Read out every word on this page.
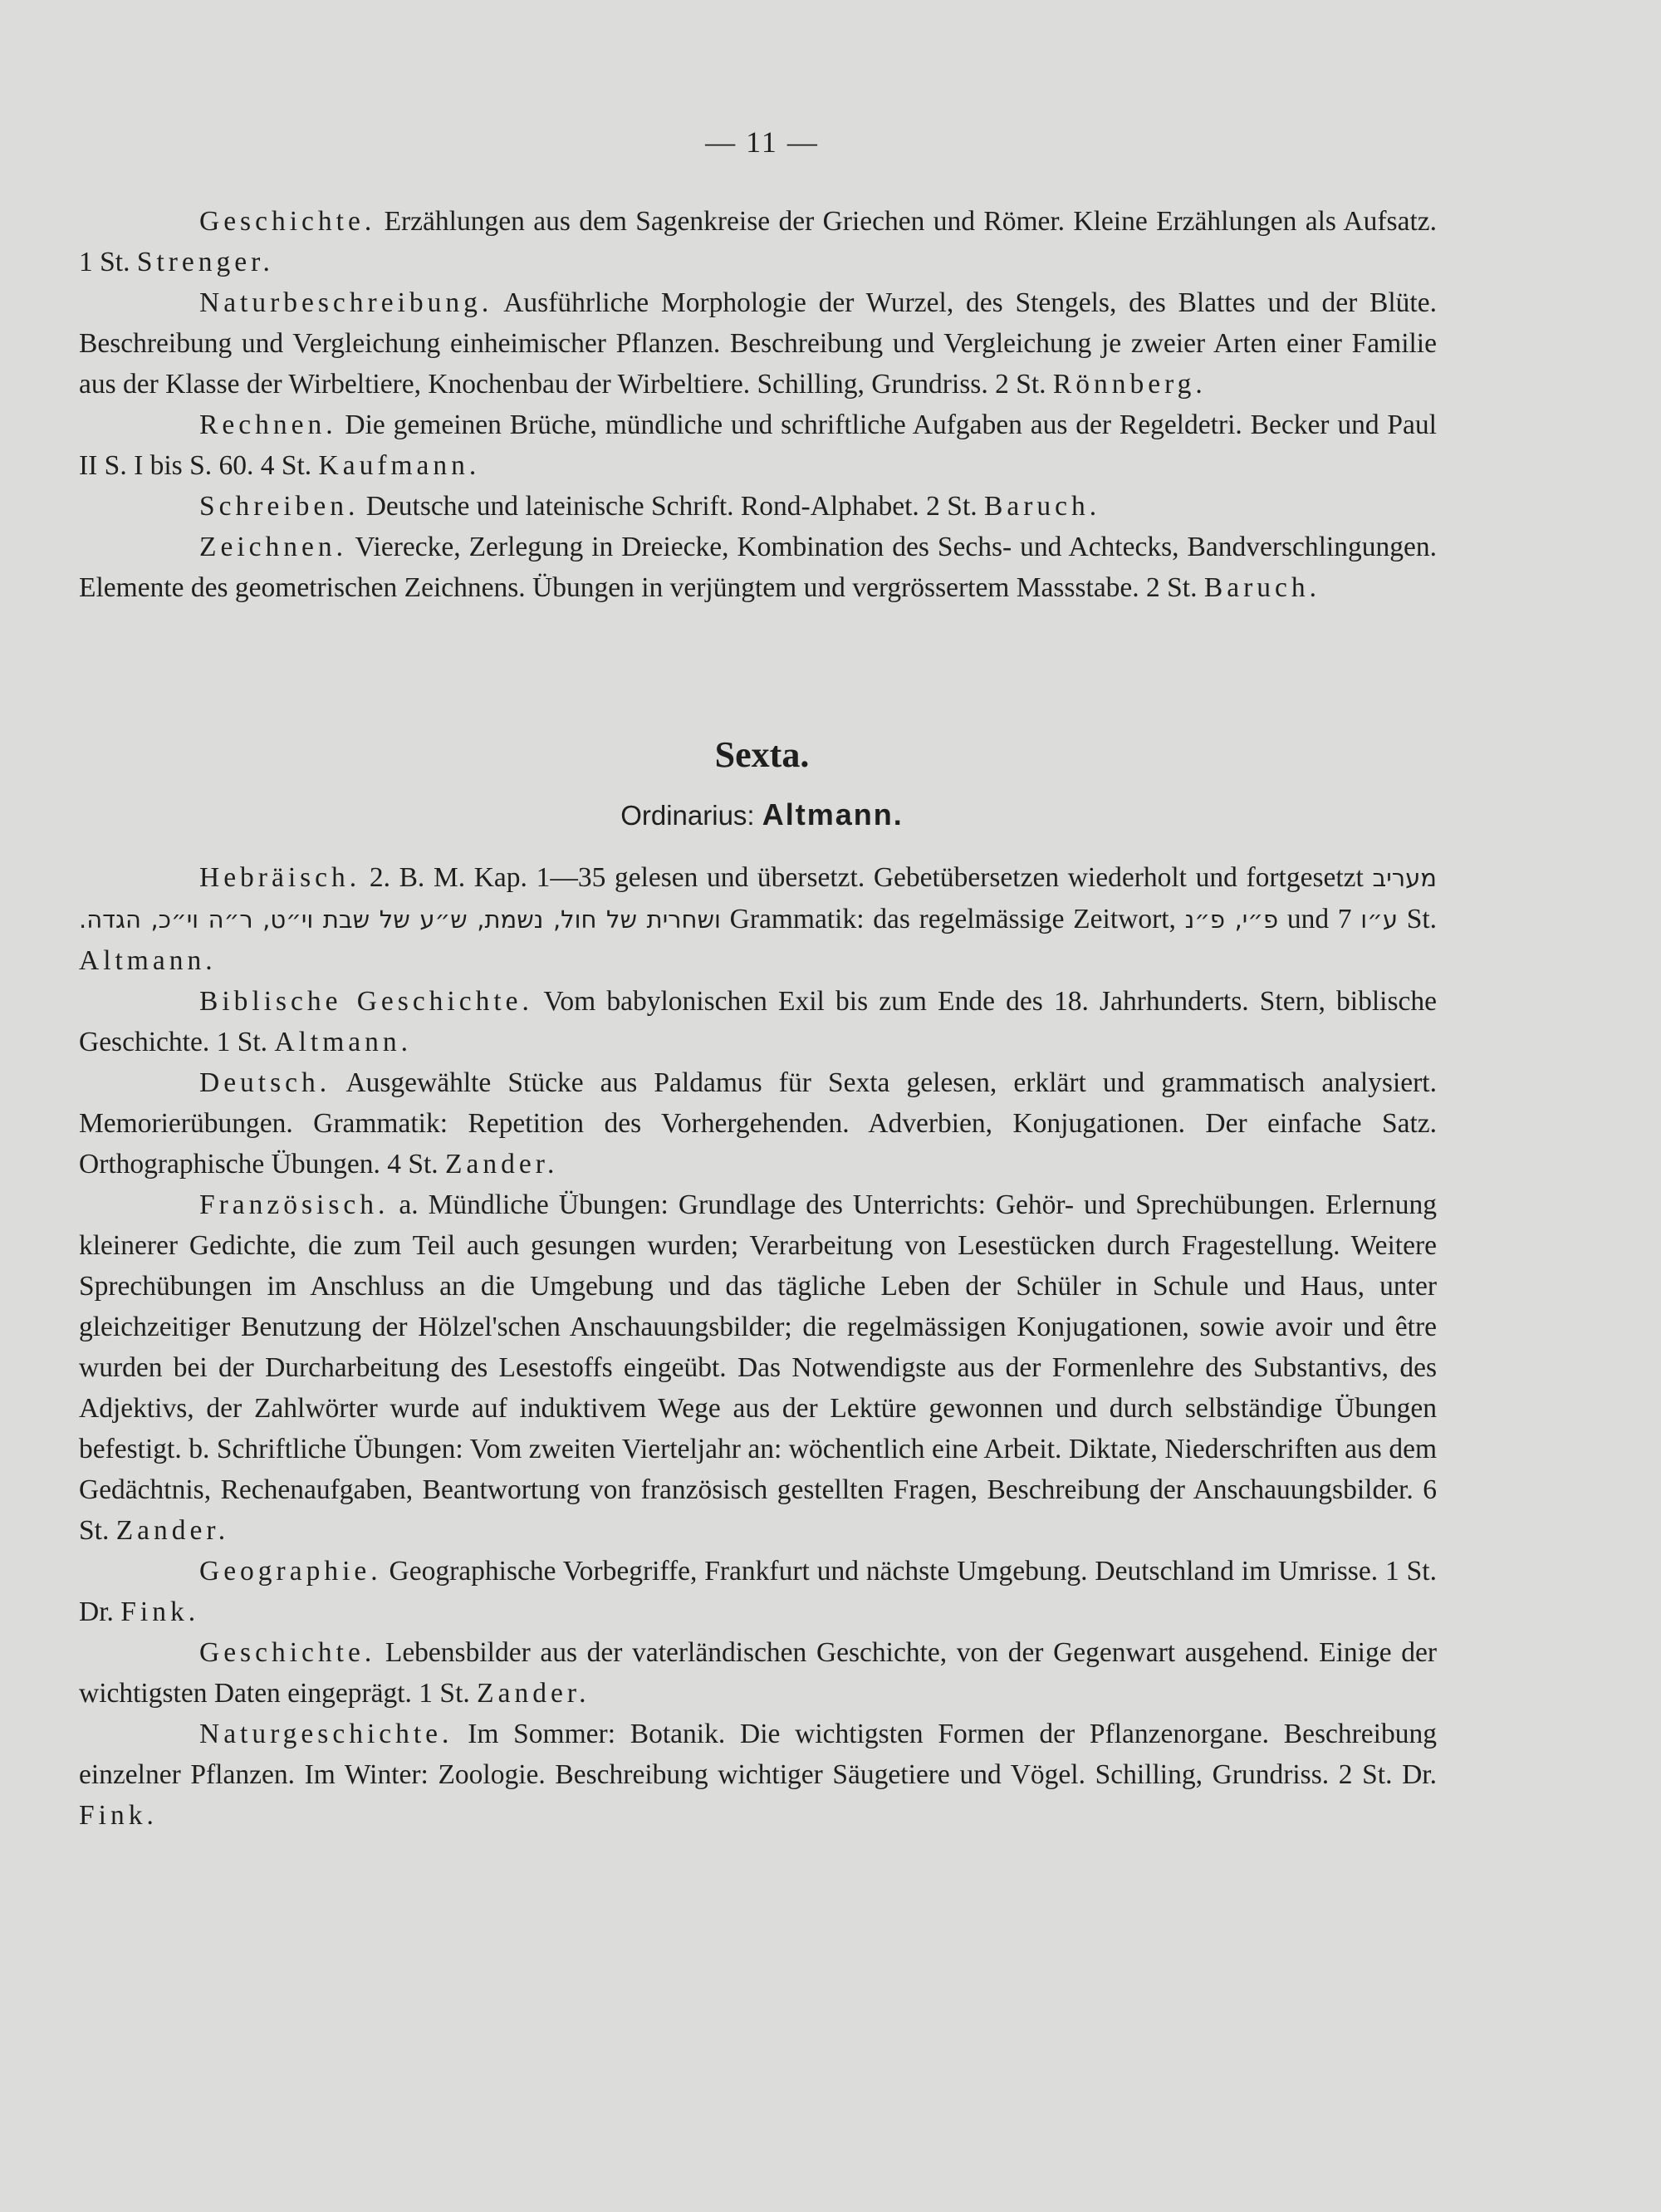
— 11 —

Geschichte. Erzählungen aus dem Sagenkreise der Griechen und Römer. Kleine Erzählungen als Aufsatz. 1 St. Strenger.

Naturbeschreibung. Ausführliche Morphologie der Wurzel, des Stengels, des Blattes und der Blüte. Beschreibung und Vergleichung einheimischer Pflanzen. Beschreibung und Vergleichung je zweier Arten einer Familie aus der Klasse der Wirbeltiere, Knochenbau der Wirbeltiere. Schilling, Grundriss. 2 St. Rönnberg.

Rechnen. Die gemeinen Brüche, mündliche und schriftliche Aufgaben aus der Regeldetri. Becker und Paul II S. I bis S. 60. 4 St. Kaufmann.

Schreiben. Deutsche und lateinische Schrift. Rond-Alphabet. 2 St. Baruch.

Zeichnen. Vierecke, Zerlegung in Dreiecke, Kombination des Sechs- und Achtecks, Bandverschlingungen. Elemente des geometrischen Zeichnens. Übungen in verjüngtem und vergrössertem Massstabe. 2 St. Baruch.

Sexta.
Ordinarius: Altmann.

Hebräisch. 2. B. M. Kap. 1—35 gelesen und übersetzt. Gebetübersetzen wiederholt und fortgesetzt מעריב ושחרית של חול, נשמת, ש״ע של שבת וי״ט, ר״ה וי״כ, הגדה. Grammatik: das regelmässige Zeitwort, פ״י, פ״נ und ע״ו 7 St. Altmann.

Biblische Geschichte. Vom babylonischen Exil bis zum Ende des 18. Jahrhunderts. Stern, biblische Geschichte. 1 St. Altmann.

Deutsch. Ausgewählte Stücke aus Paldamus für Sexta gelesen, erklärt und grammatisch analysiert. Memorierübungen. Grammatik: Repetition des Vorhergehenden. Adverbien, Konjugationen. Der einfache Satz. Orthographische Übungen. 4 St. Zander.

Französisch. a. Mündliche Übungen: Grundlage des Unterrichts: Gehör- und Sprechübungen. Erlernung kleinerer Gedichte, die zum Teil auch gesungen wurden; Verarbeitung von Lesestücken durch Fragestellung. Weitere Sprechübungen im Anschluss an die Umgebung und das tägliche Leben der Schüler in Schule und Haus, unter gleichzeitiger Benutzung der Hölzel'schen Anschauungsbilder; die regelmässigen Konjugationen, sowie avoir und être wurden bei der Durcharbeitung des Lesestoffs eingeübt. Das Notwendigste aus der Formenlehre des Substantivs, des Adjektivs, der Zahlwörter wurde auf induktivem Wege aus der Lektüre gewonnen und durch selbständige Übungen befestigt. b. Schriftliche Übungen: Vom zweiten Vierteljahr an: wöchentlich eine Arbeit. Diktate, Niederschriften aus dem Gedächtnis, Rechenaufgaben, Beantwortung von französisch gestellten Fragen, Beschreibung der Anschauungsbilder. 6 St. Zander.

Geographie. Geographische Vorbegriffe, Frankfurt und nächste Umgebung. Deutschland im Umrisse. 1 St. Dr. Fink.

Geschichte. Lebensbilder aus der vaterländischen Geschichte, von der Gegenwart ausgehend. Einige der wichtigsten Daten eingeprägt. 1 St. Zander.

Naturgeschichte. Im Sommer: Botanik. Die wichtigsten Formen der Pflanzenorgane. Beschreibung einzelner Pflanzen. Im Winter: Zoologie. Beschreibung wichtiger Säugetiere und Vögel. Schilling, Grundriss. 2 St. Dr. Fink.
